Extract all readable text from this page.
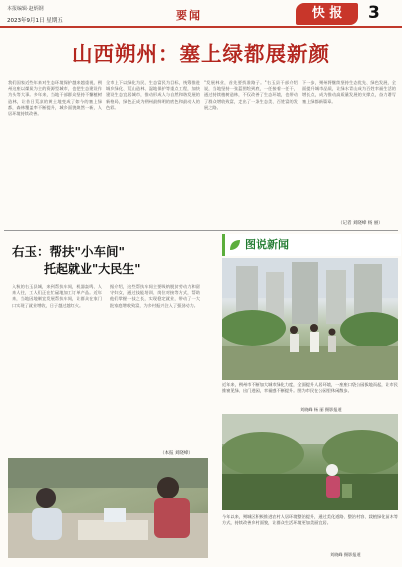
本报编辑·赵炳钢
2023年9月1日 星期五	要闻	快 报	3
山西朔州：塞上绿都展新颜
我们国家近些年来对生态环境保护越来越重视，朔州这座以煤炭为主的资源型城市，也把生态建设作为头等大事。多年来，当地干部群众坚持不懈植树造林，让昔日荒凉的黄土地变成了如今的塞上绿都，森林覆盖率不断提升，城乡面貌焕然一新，人居环境持续改善。
全市上下以绿化为民、生态富民为目标，统筹推进城乡绿化、荒山造林、湿地保护等重点工程，加快建设生态宜居城市，推动形成人与自然和谐发展的新格局，绿色正成为朔州最鲜明的底色和最动人的色彩。
"发展林业，首先要找准路子。"右玉县干部介绍说，当地坚持一张蓝图绘到底，一任接着一任干，通过持续植树造林，不仅改善了生态环境，也带动了群众增收致富，走出了一条生态美、百姓富的发展之路。
下一步，朔州将继续坚持生态优先、绿色发展，全面提升城市品质，让绿水青山成为百姓幸福生活的增长点，成为推动高质量发展的支撑点，奋力谱写塞上绿都新篇章。
（记者 刘晓峰 杨 丽）
右玉：帮扶"小车间"
托起就业"大民生"
入秋的右玉县城，来到帮扶车间，机器轰鸣、人来人往，工人们正在忙碌地加工订单产品。近年来，当地因地制宜发展帮扶车间，让群众在家门口实现了就业增收，日子越过越红火。
据介绍，这些帮扶车间主要吸纳脱贫劳动力和留守妇女，通过技能培训、岗位对接等方式，帮助他们掌握一技之长，实现稳定就业，带动了一大批家庭增收致富，为乡村振兴注入了强劲动力。
（本报 刘晓峰）
图说新闻
近年来，朔州市不断加大城市绿化力度，全面提升人居环境，一座座口袋公园拔地而起，让市民推窗见绿、出门进园，幸福感不断提升。图为市民在公园里休闲散步。
刘晓峰 杨 丽 摄影报道
今年以来，朔城区积极推进农村人居环境整治提升，通过美化道路、整治村容、栽植绿化苗木等方式，持续改善乡村面貌，让群众生活环境更加美丽宜居。
刘晓峰 摄影报道
